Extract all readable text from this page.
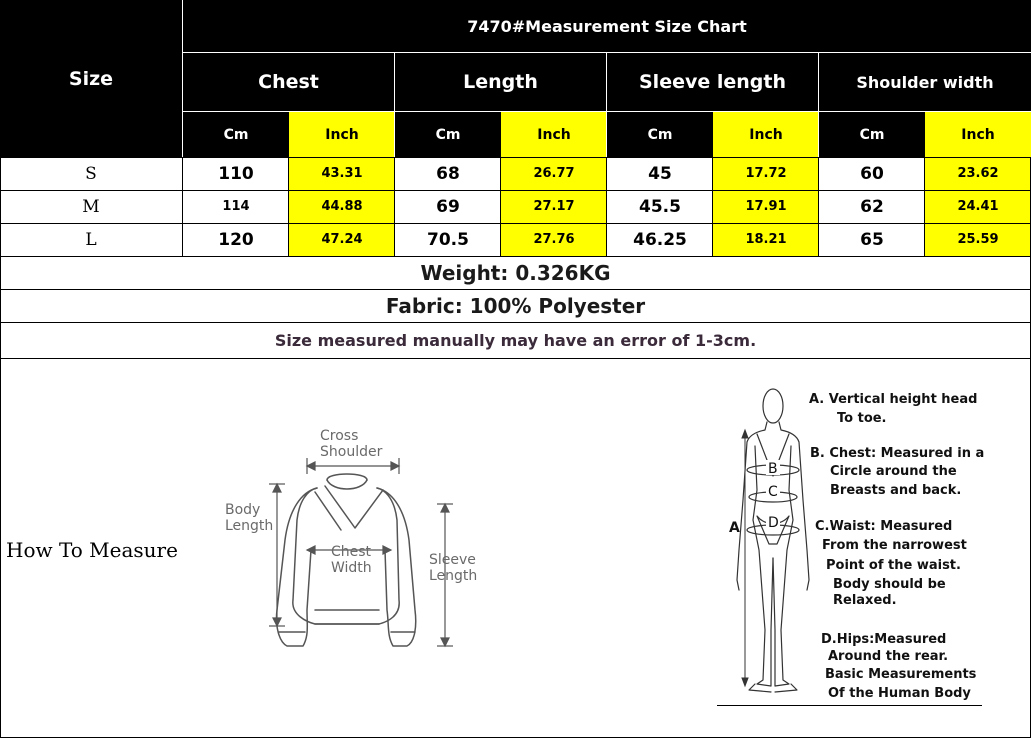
Size
7470#Measurement Size Chart
Chest	Length	Sleeve length	Shoulder width
Cm	Inch	Cm	Inch	Cm	Inch	Cm	Inch
S	110	43.31	68	26.77	45	17.72	60	23.62
M	114	44.88	69	27.17	45.5	17.91	62	24.41
L	120	47.24	70.5	27.76	46.25	18.21	65	25.59
Weight: 0.326KG
Fabric: 100% Polyester
Size measured manually may have an error of 1-3cm.
How To Measure
Cross
Shoulder
Body
Length
Chest
Width	Sleeve
Length
B
C
D
A
A. Vertical height head
To toe.
B. Chest: Measured in a
Circle around the
Breasts and back.
C.Waist: Measured
From the narrowest
Point of the waist.
Body should be
Relaxed.
D.Hips:Measured
Around the rear.
Basic Measurements
Of the Human Body
